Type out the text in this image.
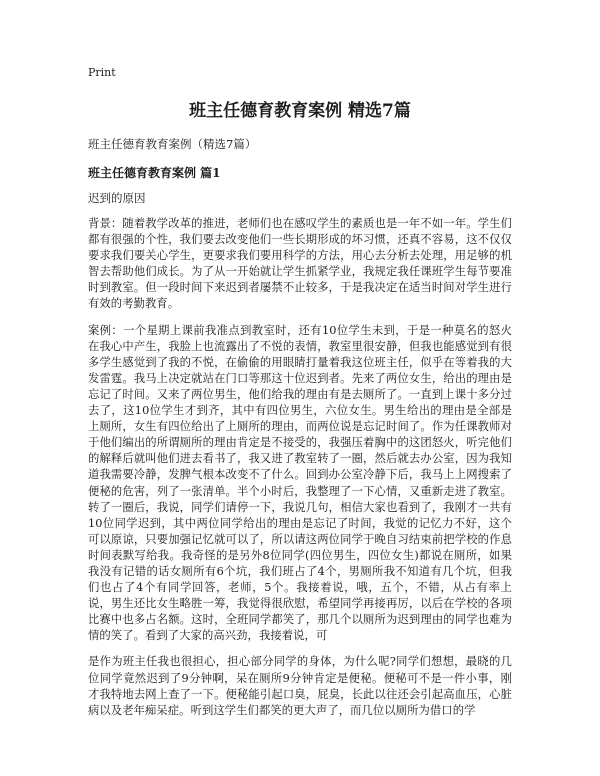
Print
班主任德育教育案例 精选7篇
班主任德育教育案例（精选7篇）
班主任德育教育案例 篇1
迟到的原因

背景：随着教学改革的推进，老师们也在感叹学生的素质也是一年不如一年。学生们都有很强的个性，我们要去改变他们一些长期形成的坏习惯，还真不容易，这不仅仅要求我们要关心学生，更要求我们要用科学的方法，用心去分析去处理，用足够的机智去帮助他们成长。为了从一开始就让学生抓紧学业，我规定我任课班学生每节要准时到教室。但一段时间下来迟到者屡禁不止较多，于是我决定在适当时间对学生进行有效的考勤教育。

案例：一个星期上课前我准点到教室时，还有10位学生未到，于是一种莫名的怒火在我心中产生，我脸上也流露出了不悦的表情，教室里很安静，但我也能感觉到有很多学生感觉到了我的不悦，在偷偷的用眼睛打量着我这位班主任，似乎在等着我的大发雷霆。我马上决定就站在门口等那这十位迟到者。先来了两位女生，给出的理由是忘记了时间。又来了两位男生，他们给我的理由有是去厕所了。一直到上课十多分过去了，这10位学生才到齐，其中有四位男生，六位女生。男生给出的理由是全部是上厕所，女生有四位给出了上厕所的理由，而两位说是忘记时间了。作为任课教师对于他们编出的所谓厕所的理由肯定是不接受的，我强压着胸中的这团怒火，听完他们的解释后就叫他们进去看书了，我又进了教室转了一圈，然后就去办公室，因为我知道我需要冷静，发脾气根本改变不了什么。回到办公室冷静下后，我马上上网搜索了便秘的危害，列了一张清单。半个小时后，我整理了一下心情，又重新走进了教室。转了一圈后，我说，同学们请停一下，我说几句，相信大家也看到了，我刚才一共有10位同学迟到，其中两位同学给出的理由是忘记了时间，我觉的记忆力不好，这个可以原谅，只要加强记忆就可以了，所以请这两位同学于晚自习结束前把学校的作息时间表默写给我。我奇怪的是另外8位同学(四位男生，四位女生)都说在厕所，如果我没有记错的话女厕所有6个坑，我们班占了4个，男厕所我不知道有几个坑，但我们也占了4个有同学回答，老师，5个。我接着说，哦，五个，不错，从占有率上说，男生还比女生略胜一筹，我觉得很欣慰，希望同学再接再厉，以后在学校的各项比赛中也多占名额。这时，全班同学都笑了，那几个以厕所为迟到理由的同学也难为情的笑了。看到了大家的高兴劲，我接着说，可

是作为班主任我也很担心，担心部分同学的身体，为什么呢?同学们想想，最晓的几位同学竟然迟到了9分钟啊，呆在厕所9分钟肯定是便秘。便秘可不是一件小事，刚才我特地去网上查了一下。便秘能引起口臭，屁臭，长此以往还会引起高血压，心脏病以及老年痴呆症。听到这学生们都笑的更大声了，而几位以厕所为借口的学
